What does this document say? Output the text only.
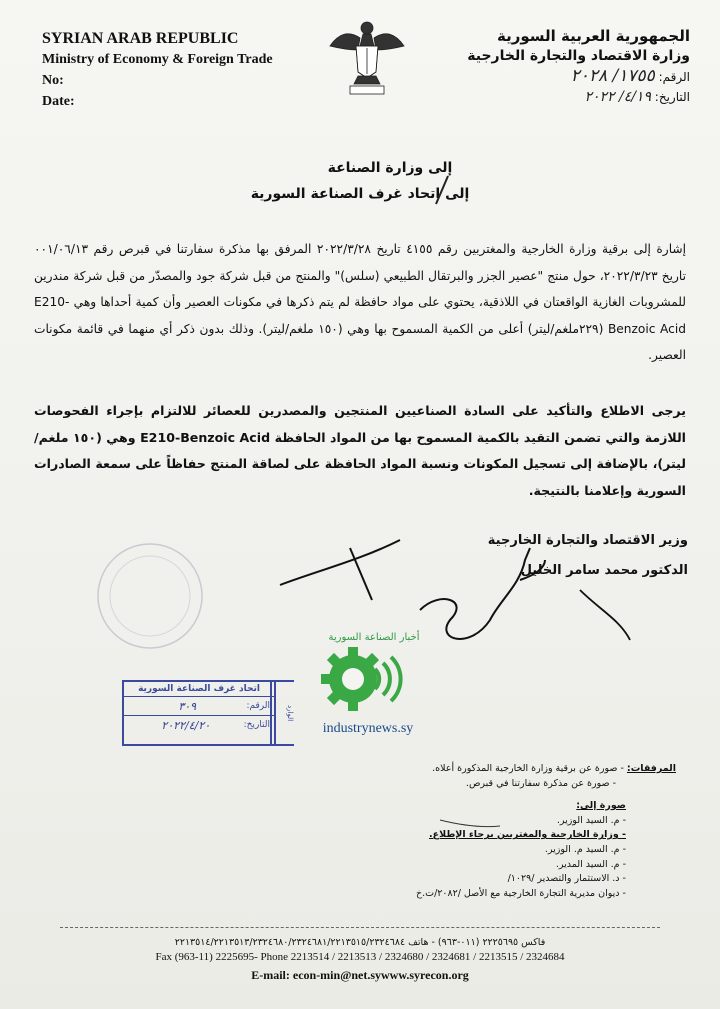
SYRIAN ARAB REPUBLIC
Ministry of Economy & Foreign Trade
No:
Date:
الجمهورية العربية السورية
وزارة الاقتصاد والتجارة الخارجية
الرقم: ١٧٥٥/ ٢٠٢٨
التاريخ: ٤/١٩/ ٢٠٢٢
إلى وزارة الصناعة
إلى اتحاد غرف الصناعة السورية
إشارة إلى برقية وزارة الخارجية والمغتربين رقم ٤١٥٥ تاريخ ٢٠٢٢/٣/٢٨ المرفق بها مذكرة سفارتنا في قبرص رقم ٠٠١/٠٦/١٣ تاريخ ٢٠٢٢/٣/٢٣، حول منتج "عصير الجزر والبرتقال الطبيعي (سلس)" والمنتج من قبل شركة جود والمصدّر من قبل شركة مندرين للمشروبات الغازية الواقعتان في اللاذقية، يحتوي على مواد حافظة لم يتم ذكرها في مكونات العصير وأن كمية أحداها وهي E210-Benzoic Acid (٢٢٩ملغم/ليتر) أعلى من الكمية المسموح بها وهي (١٥٠ ملغم/ليتر). وذلك بدون ذكر أي منهما في قائمة مكونات العصير.
يرجى الاطلاع والتأكيد على السادة الصناعيين المنتجين والمصدرين للعصائر للالتزام بإجراء الفحوصات اللازمة والتي تضمن التقيد بالكمية المسموح بها من المواد الحافظة E210-Benzoic Acid وهي (١٥٠ ملغم/ليتر)، بالإضافة إلى تسجيل المكونات ونسبة المواد الحافظة على لصاقة المنتج حفاظاً على سمعة الصادرات السورية وإعلامنا بالنتيجة.
وزير الاقتصاد والتجارة الخارجية
الدكتور محمد سامر الخليل
اتحاد غرف الصناعة السورية
الرقم:
٣٠٩
التاريخ:
٢٠٢٢/٤/٢٠
الوارد
أخبار الصناعة السورية
industrynews.sy
المرفقات: - صورة عن برقية وزارة الخارجية المذكورة أعلاه.
- صورة عن مذكرة سفارتنا في قبرص.
صورة إلى:
- م. السيد الوزير.
- وزارة الخارجية والمغتربين يرجاء الإطلاع.
- م. السيد م. الوزير.
- م. السيد المدير.
- د. الاستثمار والتصدير /١٠٢٩/
- ديوان مديرية التجارة الخارجية مع الأصل /٢٠٨٢/ت.خ
فاكس ٢٢٢٥٦٩٥ (٠١١-٩٦٣) - هاتف ٢٢١٣٥١٤/٢٢١٣٥١٣/٢٣٢٤٦٨٠/٢٣٢٤٦٨١/٢٢١٣٥١٥/٢٣٢٤٦٨٤
Fax (963-11) 2225695- Phone 2213514 / 2213513 / 2324680 / 2324681 / 2213515 / 2324684
E-mail: econ-min@net.sywww.syrecon.org
